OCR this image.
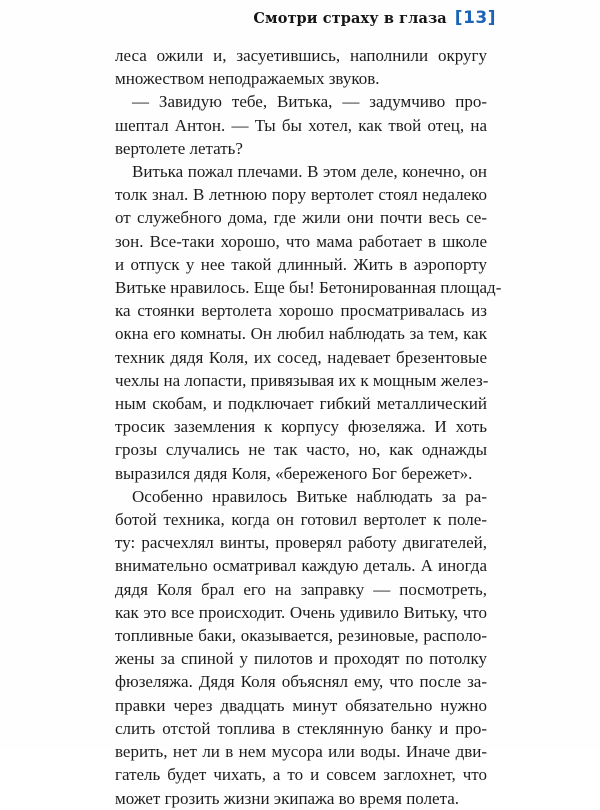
Смотри страху в глаза [13]
леса ожили и, засуетившись, наполнили округу
множеством неподражаемых звуков.
— Завидую тебе, Витька, — задумчиво про-
шептал Антон. — Ты бы хотел, как твой отец, на
вертолете летать?
Витька пожал плечами. В этом деле, конечно, он
толк знал. В летнюю пору вертолет стоял недалеко
от служебного дома, где жили они почти весь се-
зон. Все-таки хорошо, что мама работает в школе
и отпуск у нее такой длинный. Жить в аэропорту
Витьке нравилось. Еще бы! Бетонированная площад-
ка стоянки вертолета хорошо просматривалась из
окна его комнаты. Он любил наблюдать за тем, как
техник дядя Коля, их сосед, надевает брезентовые
чехлы на лопасти, привязывая их к мощным желез-
ным скобам, и подключает гибкий металлический
тросик заземления к корпусу фюзеляжа. И хоть
грозы случались не так часто, но, как однажды
выразился дядя Коля, «береженого Бог бережет».
Особенно нравилось Витьке наблюдать за ра-
ботой техника, когда он готовил вертолет к поле-
ту: расчехлял винты, проверял работу двигателей,
внимательно осматривал каждую деталь. А иногда
дядя Коля брал его на заправку — посмотреть,
как это все происходит. Очень удивило Витьку, что
топливные баки, оказывается, резиновые, располо-
жены за спиной у пилотов и проходят по потолку
фюзеляжа. Дядя Коля объяснял ему, что после за-
правки через двадцать минут обязательно нужно
слить отстой топлива в стеклянную банку и про-
верить, нет ли в нем мусора или воды. Иначе дви-
гатель будет чихать, а то и совсем заглохнет, что
может грозить жизни экипажа во время полета.
